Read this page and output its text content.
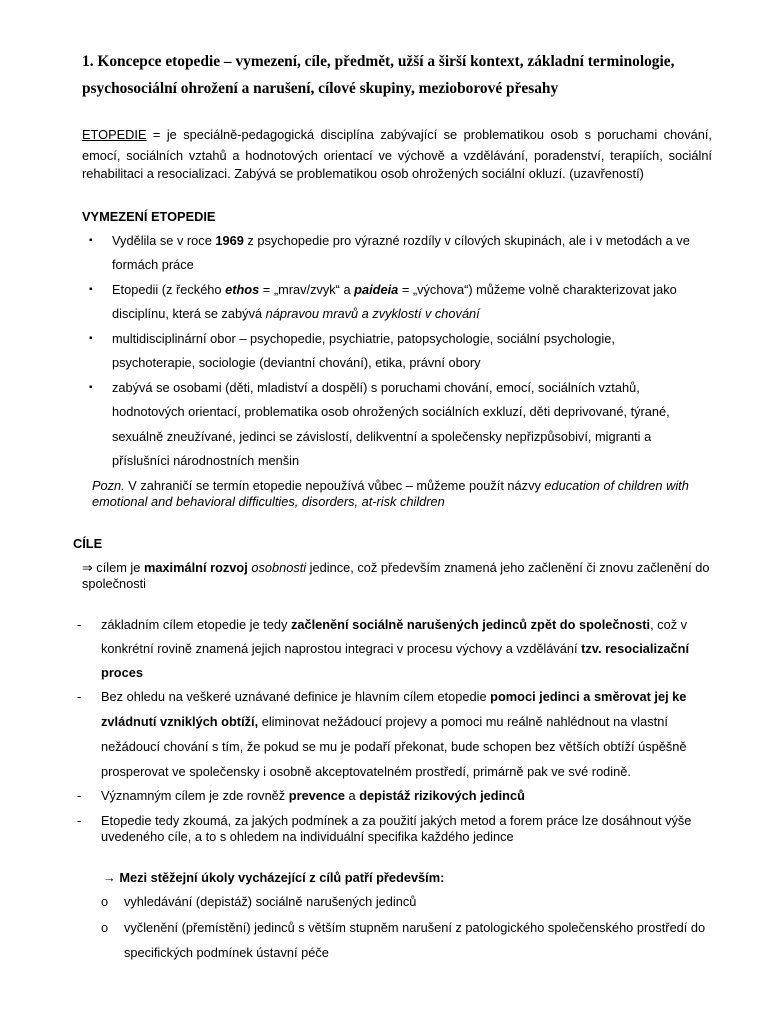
1. Koncepce etopedie – vymezení, cíle, předmět, užší a širší kontext, základní terminologie,
psychosociální ohrožení a narušení, cílové skupiny, mezioborové přesahy
ETOPEDIE = je speciálně-pedagogická disciplína zabývající se problematikou osob s poruchami chování,
emocí, sociálních vztahů a hodnotových orientací ve výchově a vzdělávání, poradenství, terapiích, sociální
rehabilitaci a resocializaci. Zabývá se problematikou osob ohrožených sociální okluzí. (uzavřeností)
VYMEZENÍ ETOPEDIE
▪ Vydělila se v roce 1969 z psychopedie pro výrazné rozdíly v cílových skupinách, ale i v metodách a ve
formách práce
▪ Etopedii (z řeckého ethos = „mrav/zvyk“ a paideia = „výchova“) můžeme volně charakterizovat jako
disciplínu, která se zabývá nápravou mravů a zvyklostí v chování
▪ multidisciplinární obor – psychopedie, psychiatrie, patopsychologie, sociální psychologie,
psychoterapie, sociologie (deviantní chování), etika, právní obory
▪ zabývá se osobami (děti, mladiství a dospělí) s poruchami chování, emocí, sociálních vztahů,
hodnotových orientací, problematika osob ohrožených sociálních exkluzí, děti deprivované, týrané,
sexuálně zneužívané, jedinci se závislostí, delikventní a společensky nepřizpůsobiví, migranti a
příslušníci národnostních menšin
Pozn. V zahraničí se termín etopedie nepoužívá vůbec – můžeme použít názvy education of children with
emotional and behavioral difficulties, disorders, at-risk children
CÍLE
⇒ cílem je maximální rozvoj osobnosti jedince, což především znamená jeho začlenění či znovu začlenění do
společnosti
- základním cílem etopedie je tedy začlenění sociálně narušených jedinců zpět do společnosti, což v
konkrétní rovině znamená jejich naprostou integraci v procesu výchovy a vzdělávání tzv. resocializační
proces
- Bez ohledu na veškeré uznávané definice je hlavním cílem etopedie pomoci jedinci a směrovat jej ke
zvládnutí vzniklých obtíží, eliminovat nežádoucí projevy a pomoci mu reálně nahlédnout na vlastní
nežádoucí chování s tím, že pokud se mu je podaří překonat, bude schopen bez větších obtíží úspěšně
prosperovat ve společensky i osobně akceptovatelném prostředí, primárně pak ve své rodině.
- Významným cílem je zde rovněž prevence a depistáž rizikových jedinců
- Etopedie tedy zkoumá, za jakých podmínek a za použití jakých metod a forem práce lze dosáhnout výše
uvedeného cíle, a to s ohledem na individuální specifika každého jedince
→ Mezi stěžejní úkoly vycházející z cílů patří především:
o vyhledávání (depistáž) sociálně narušených jedinců
o vyčlenění (přemístění) jedinců s větším stupněm narušení z patologického společenského prostředí do
specifických podmínek ústavní péče
